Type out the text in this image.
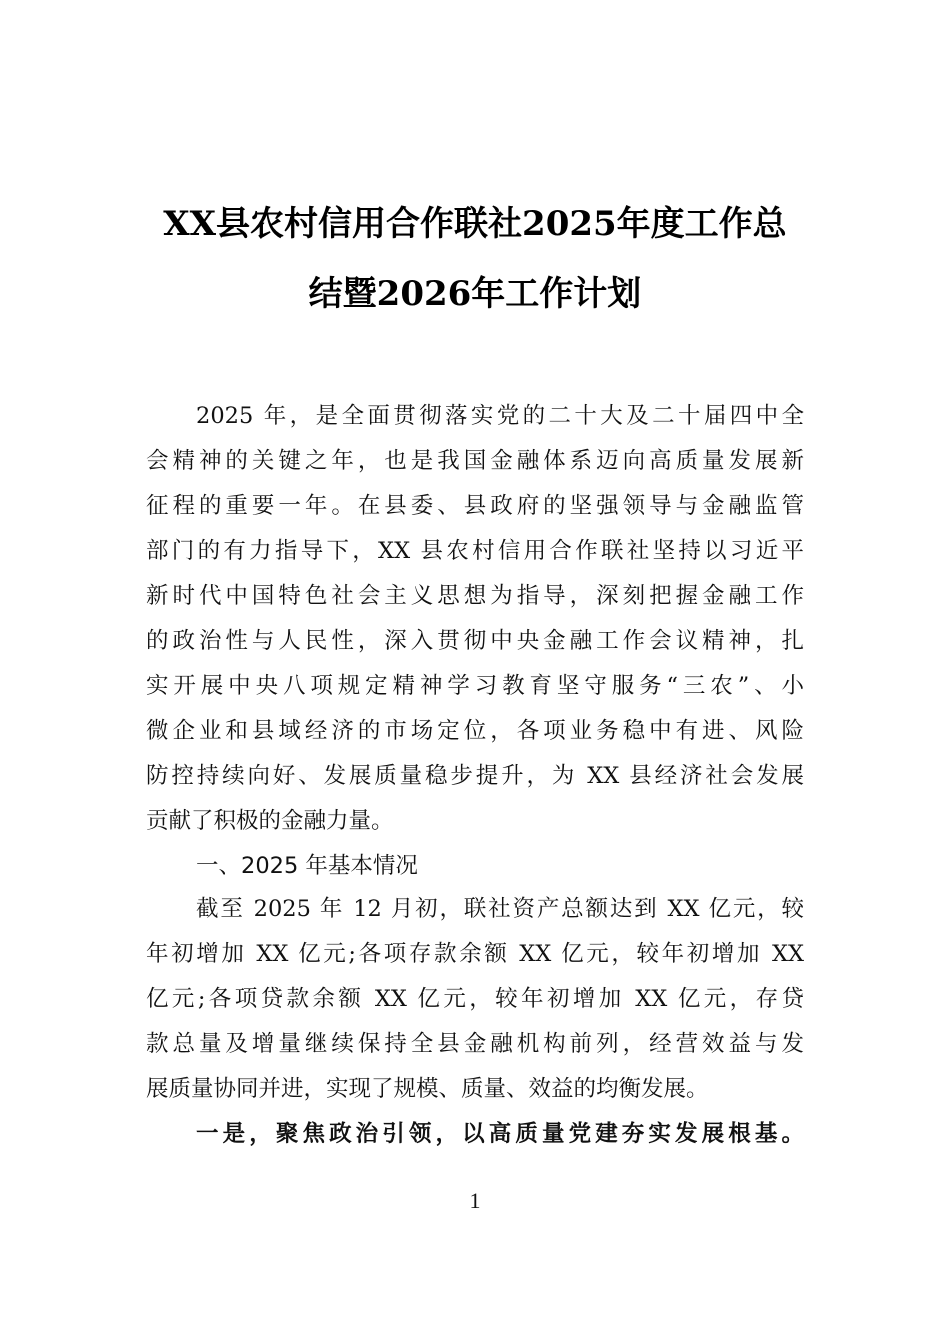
XX县农村信用合作联社2025年度工作总
结暨2026年工作计划
2025 年，是全面贯彻落实党的二十大及二十届四中全
会精神的关键之年，也是我国金融体系迈向高质量发展新
征程的重要一年。在县委、县政府的坚强领导与金融监管
部门的有力指导下，XX 县农村信用合作联社坚持以习近平
新时代中国特色社会主义思想为指导，深刻把握金融工作
的政治性与人民性，深入贯彻中央金融工作会议精神，扎
实开展中央八项规定精神学习教育坚守服务“三农”、小
微企业和县域经济的市场定位，各项业务稳中有进、风险
防控持续向好、发展质量稳步提升，为 XX 县经济社会发展
贡献了积极的金融力量。
一、2025 年基本情况
截至 2025 年 12 月初，联社资产总额达到 XX 亿元，较
年初增加 XX 亿元;各项存款余额 XX 亿元，较年初增加 XX
亿元;各项贷款余额 XX 亿元，较年初增加 XX 亿元，存贷
款总量及增量继续保持全县金融机构前列，经营效益与发
展质量协同并进，实现了规模、质量、效益的均衡发展。
一是，聚焦政治引领，以高质量党建夯实发展根基。
1
